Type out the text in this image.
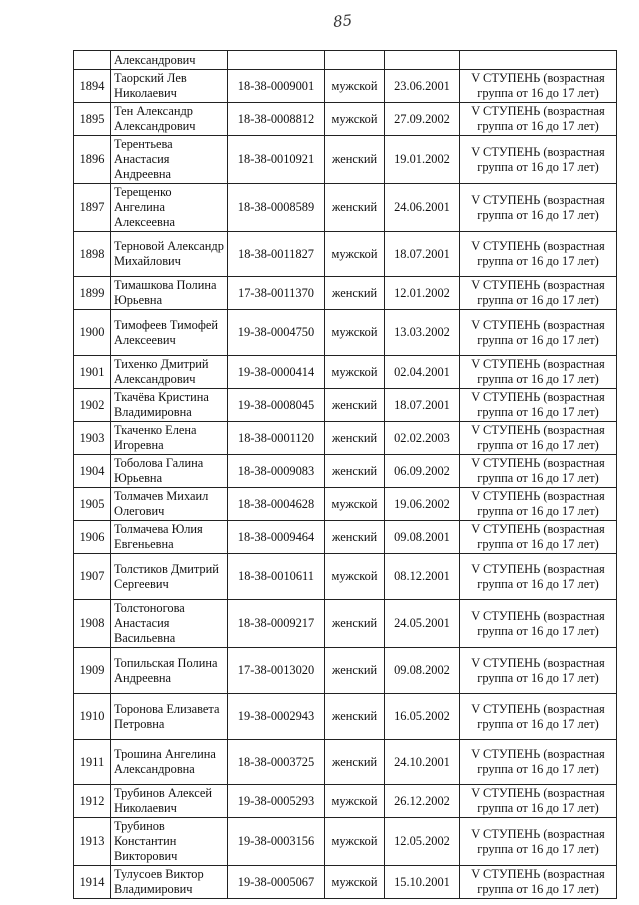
85
	Александрович				
1894	Таорский Лев Николаевич	18-38-0009001	мужской	23.06.2001	V СТУПЕНЬ (возрастная группа от 16 до 17 лет)
1895	Тен Александр Александрович	18-38-0008812	мужской	27.09.2002	V СТУПЕНЬ (возрастная группа от 16 до 17 лет)
1896	Терентьева Анастасия Андреевна	18-38-0010921	женский	19.01.2002	V СТУПЕНЬ (возрастная группа от 16 до 17 лет)
1897	Терещенко Ангелина Алексеевна	18-38-0008589	женский	24.06.2001	V СТУПЕНЬ (возрастная группа от 16 до 17 лет)
1898	Терновой Александр Михайлович	18-38-0011827	мужской	18.07.2001	V СТУПЕНЬ (возрастная группа от 16 до 17 лет)
1899	Тимашкова Полина Юрьевна	17-38-0011370	женский	12.01.2002	V СТУПЕНЬ (возрастная группа от 16 до 17 лет)
1900	Тимофеев Тимофей Алексеевич	19-38-0004750	мужской	13.03.2002	V СТУПЕНЬ (возрастная группа от 16 до 17 лет)
1901	Тихенко Дмитрий Александрович	19-38-0000414	мужской	02.04.2001	V СТУПЕНЬ (возрастная группа от 16 до 17 лет)
1902	Ткачёва Кристина Владимировна	19-38-0008045	женский	18.07.2001	V СТУПЕНЬ (возрастная группа от 16 до 17 лет)
1903	Ткаченко Елена Игоревна	18-38-0001120	женский	02.02.2003	V СТУПЕНЬ (возрастная группа от 16 до 17 лет)
1904	Тоболова Галина Юрьевна	18-38-0009083	женский	06.09.2002	V СТУПЕНЬ (возрастная группа от 16 до 17 лет)
1905	Толмачев Михаил Олегович	18-38-0004628	мужской	19.06.2002	V СТУПЕНЬ (возрастная группа от 16 до 17 лет)
1906	Толмачева Юлия Евгеньевна	18-38-0009464	женский	09.08.2001	V СТУПЕНЬ (возрастная группа от 16 до 17 лет)
1907	Толстиков Дмитрий Сергеевич	18-38-0010611	мужской	08.12.2001	V СТУПЕНЬ (возрастная группа от 16 до 17 лет)
1908	Толстоногова Анастасия Васильевна	18-38-0009217	женский	24.05.2001	V СТУПЕНЬ (возрастная группа от 16 до 17 лет)
1909	Топильская Полина Андреевна	17-38-0013020	женский	09.08.2002	V СТУПЕНЬ (возрастная группа от 16 до 17 лет)
1910	Торонова Елизавета Петровна	19-38-0002943	женский	16.05.2002	V СТУПЕНЬ (возрастная группа от 16 до 17 лет)
1911	Трошина Ангелина Александровна	18-38-0003725	женский	24.10.2001	V СТУПЕНЬ (возрастная группа от 16 до 17 лет)
1912	Трубинов Алексей Николаевич	19-38-0005293	мужской	26.12.2002	V СТУПЕНЬ (возрастная группа от 16 до 17 лет)
1913	Трубинов Константин Викторович	19-38-0003156	мужской	12.05.2002	V СТУПЕНЬ (возрастная группа от 16 до 17 лет)
1914	Тулусоев Виктор Владимирович	19-38-0005067	мужской	15.10.2001	V СТУПЕНЬ (возрастная группа от 16 до 17 лет)
